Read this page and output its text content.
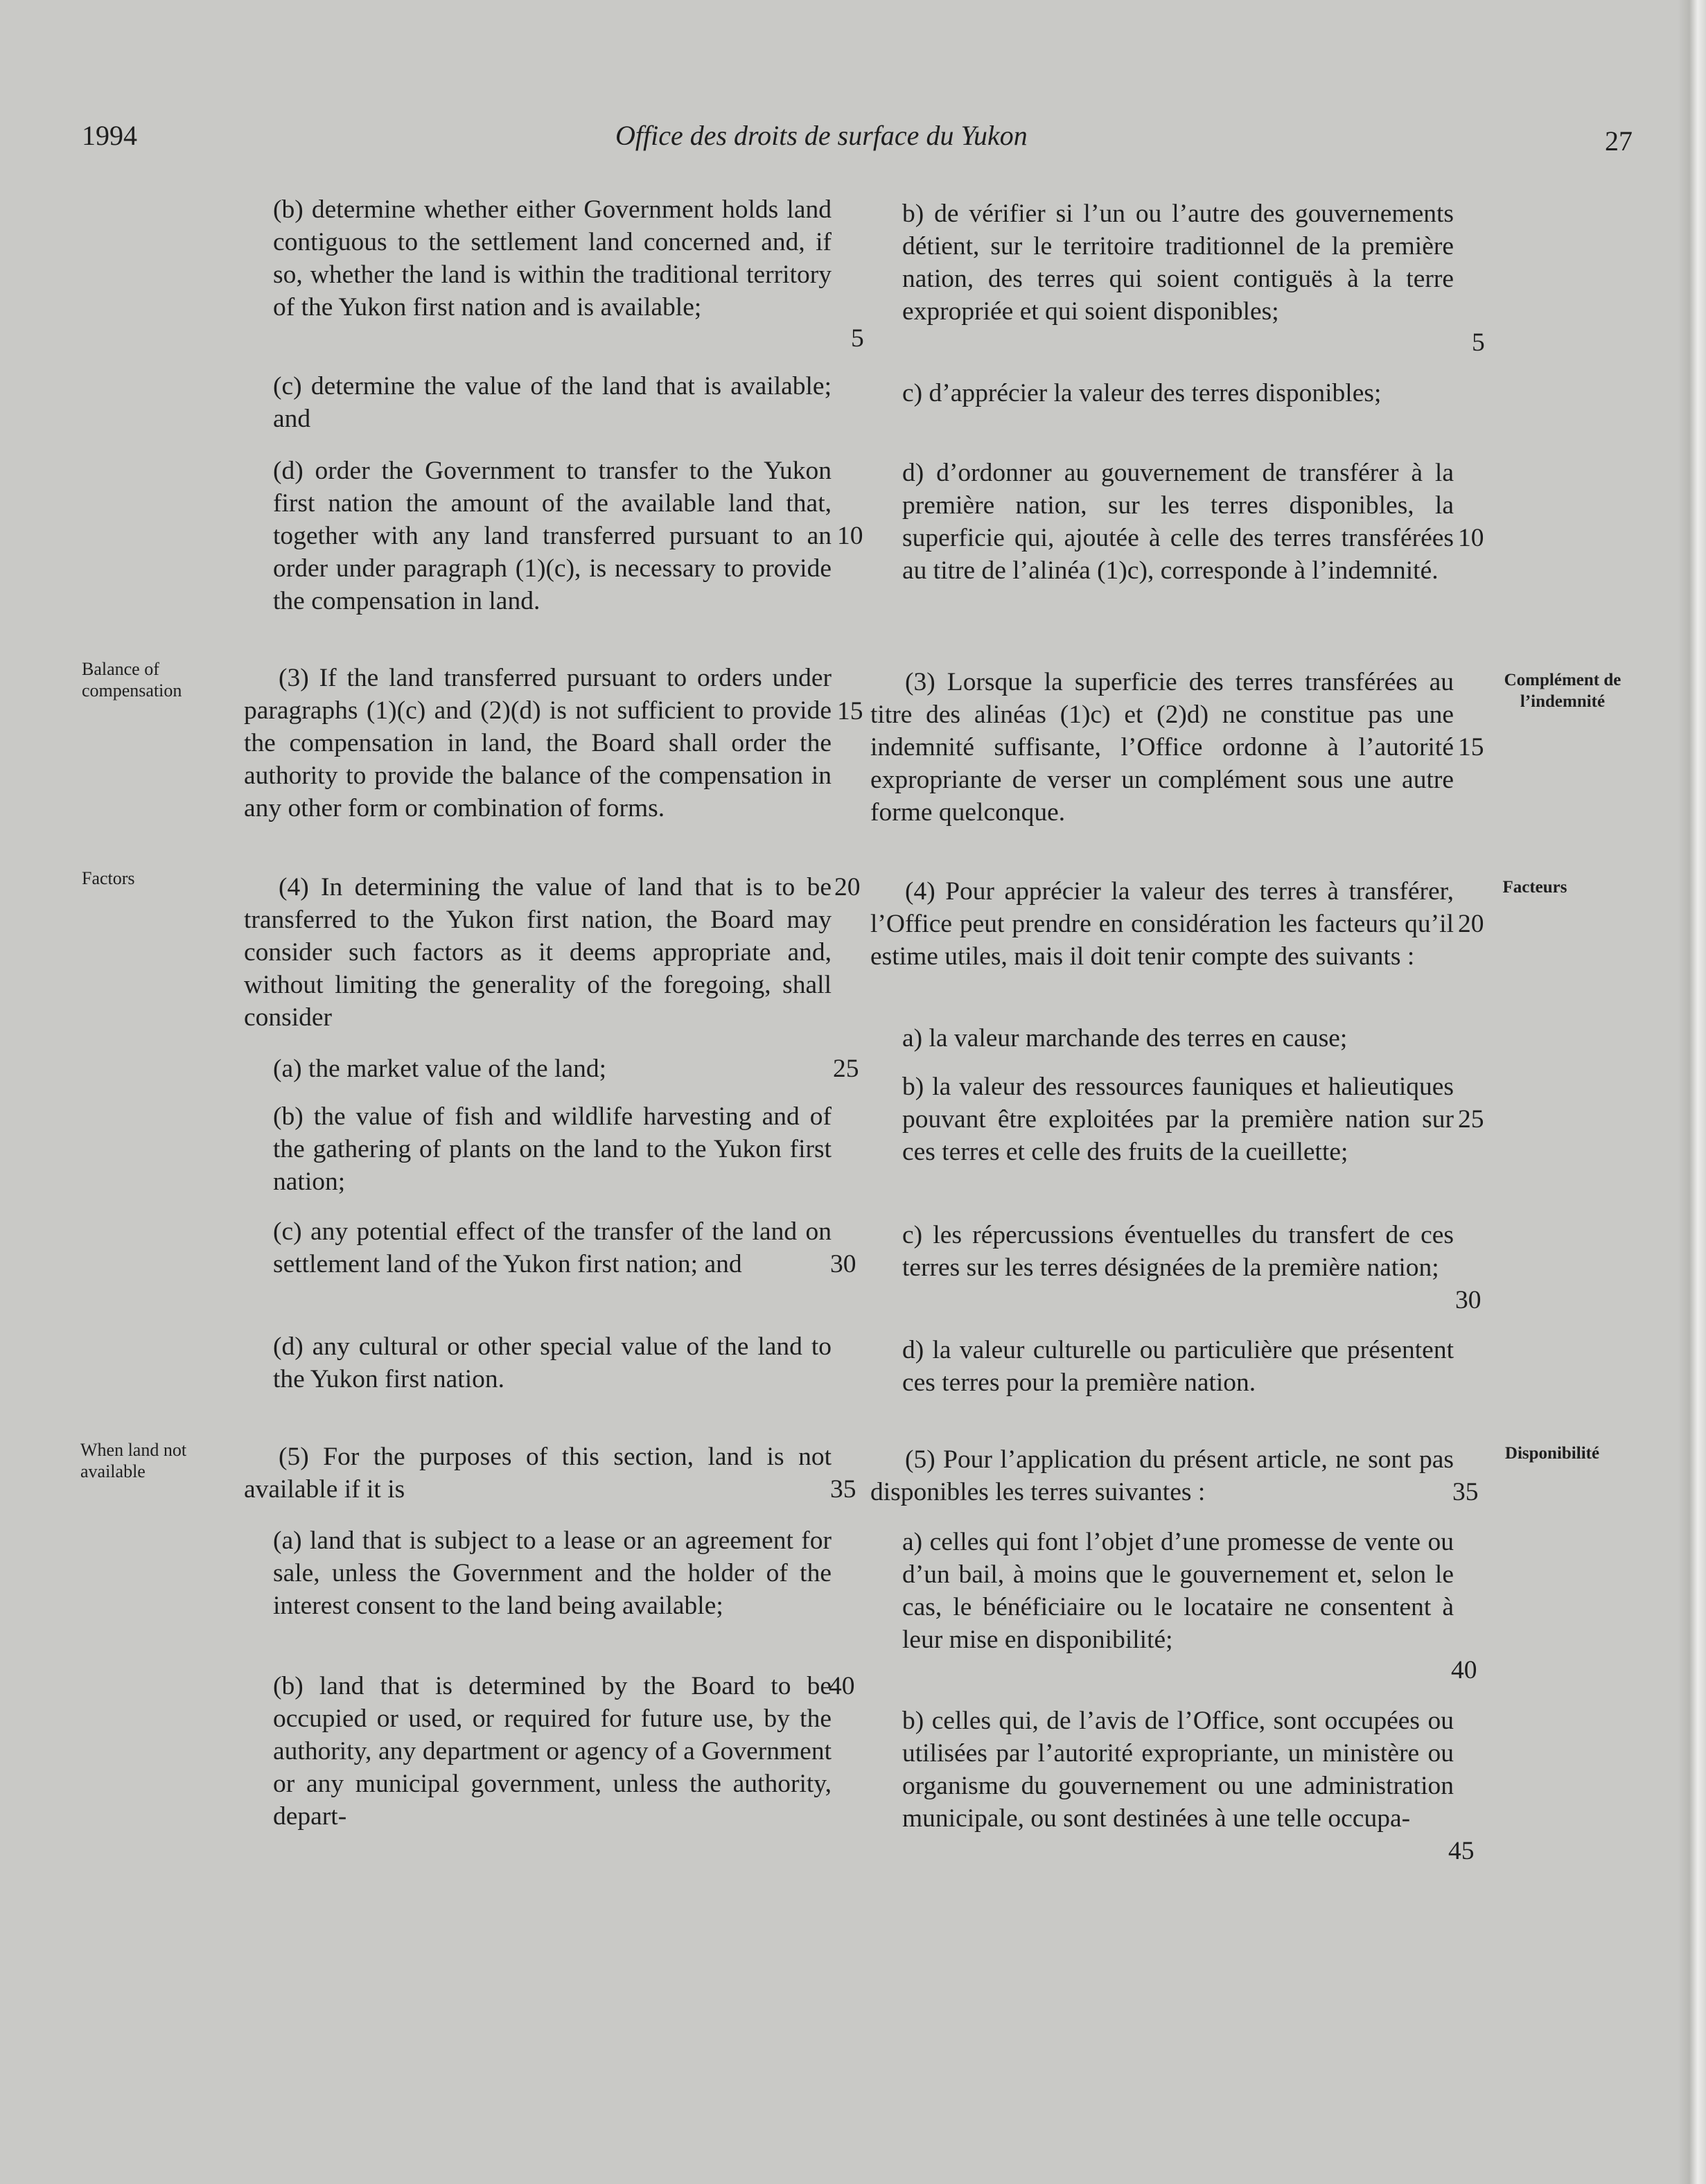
1994	Office des droits de surface du Yukon	27
Balance of compensation
Factors
When land not available
Complément de l’indemnité
Facteurs
Disponibilité

(b) determine whether either Government holds land contiguous to the settlement land concerned and, if so, whether the land is within the traditional territory of the Yukon first nation and is available;

(c) determine the value of the land that is available; and

(d) order the Government to transfer to the Yukon first nation the amount of the available land that, together with any land transferred pursuant to an order under paragraph (1)(c), is necessary to provide the compensation in land.

(3) If the land transferred pursuant to orders under paragraphs (1)(c) and (2)(d) is not sufficient to provide the compensation in land, the Board shall order the authority to provide the balance of the compensation in any other form or combination of forms.

(4) In determining the value of land that is to be transferred to the Yukon first nation, the Board may consider such factors as it deems appropriate and, without limiting the generality of the foregoing, shall consider

(a) the market value of the land;

(b) the value of fish and wildlife harvesting and of the gathering of plants on the land to the Yukon first nation;

(c) any potential effect of the transfer of the land on settlement land of the Yukon first nation; and

(d) any cultural or other special value of the land to the Yukon first nation.

(5) For the purposes of this section, land is not available if it is

(a) land that is subject to a lease or an agreement for sale, unless the Government and the holder of the interest consent to the land being available;

(b) land that is determined by the Board to be occupied or used, or required for future use, by the authority, any department or agency of a Government or any municipal government, unless the authority, depart-

b) de vérifier si l’un ou l’autre des gouvernements détient, sur le territoire traditionnel de la première nation, des terres qui soient contiguës à la terre expropriée et qui soient disponibles;

c) d’apprécier la valeur des terres disponibles;

d) d’ordonner au gouvernement de transférer à la première nation, sur les terres disponibles, la superficie qui, ajoutée à celle des terres transférées au titre de l’alinéa (1)c), corresponde à l’indemnité.

(3) Lorsque la superficie des terres transférées au titre des alinéas (1)c) et (2)d) ne constitue pas une indemnité suffisante, l’Office ordonne à l’autorité expropriante de verser un complément sous une autre forme quelconque.

(4) Pour apprécier la valeur des terres à transférer, l’Office peut prendre en considération les facteurs qu’il estime utiles, mais il doit tenir compte des suivants :

a) la valeur marchande des terres en cause;

b) la valeur des ressources fauniques et halieutiques pouvant être exploitées par la première nation sur ces terres et celle des fruits de la cueillette;

c) les répercussions éventuelles du transfert de ces terres sur les terres désignées de la première nation;

d) la valeur culturelle ou particulière que présentent ces terres pour la première nation.

(5) Pour l’application du présent article, ne sont pas disponibles les terres suivantes :

a) celles qui font l’objet d’une promesse de vente ou d’un bail, à moins que le gouvernement et, selon le cas, le bénéficiaire ou le locataire ne consentent à leur mise en disponibilité;

b) celles qui, de l’avis de l’Office, sont occupées ou utilisées par l’autorité expropriante, un ministère ou organisme du gouvernement ou une administration municipale, ou sont destinées à une telle occupa-

5
10
15
20
25
30
35
40
5
10
15
20
25
30
35
40
45
